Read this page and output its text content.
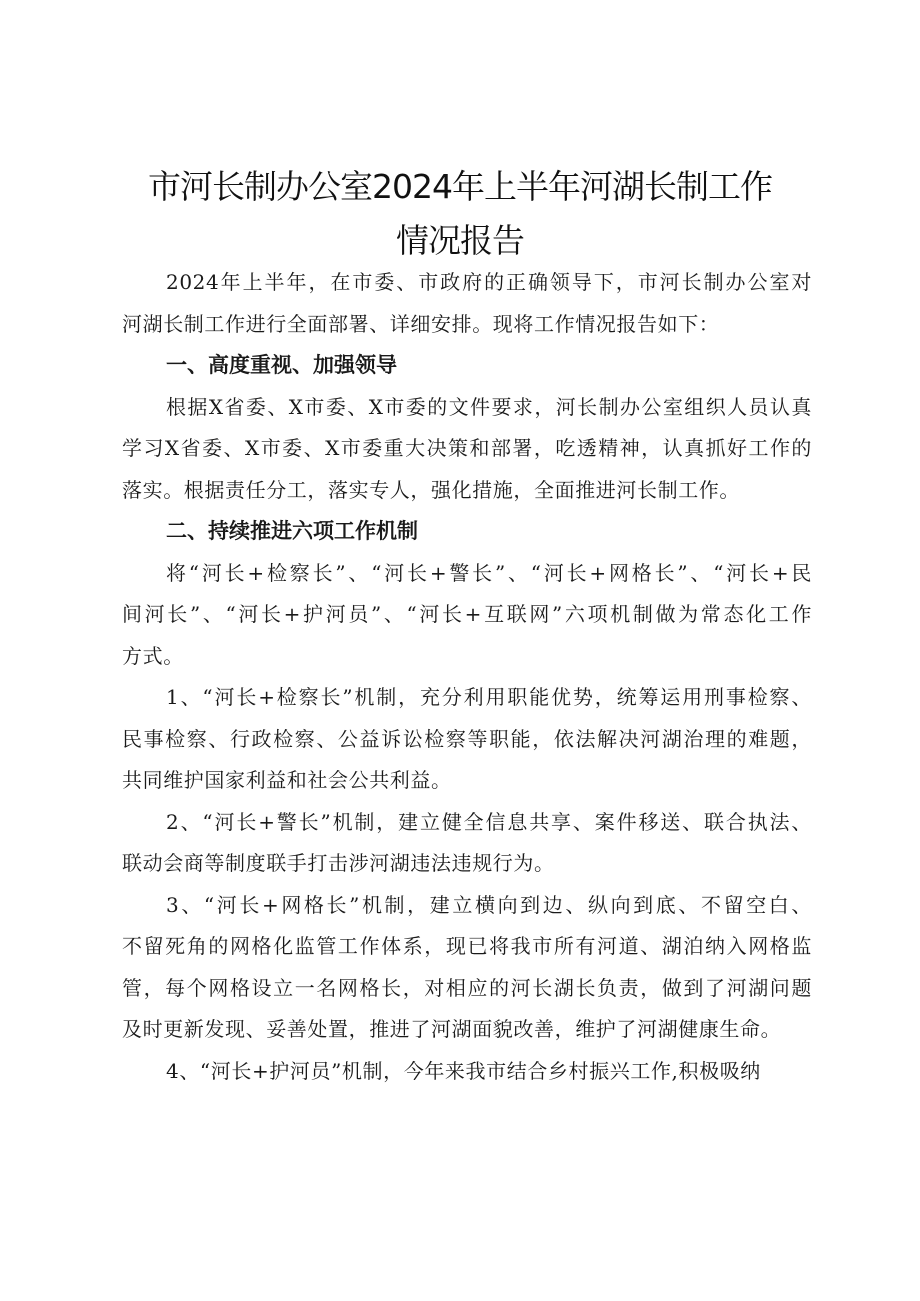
市河长制办公室2024年上半年河湖长制工作
情况报告

2024年上半年，在市委、市政府的正确领导下，市河长制办公室对

河湖长制工作进行全面部署、详细安排。现将工作情况报告如下：

一、高度重视、加强领导

根据X省委、X市委、X市委的文件要求，河长制办公室组织人员认真

学习X省委、X市委、X市委重大决策和部署，吃透精神，认真抓好工作的

落实。根据责任分工，落实专人，强化措施，全面推进河长制工作。

二、持续推进六项工作机制

将“河长+检察长”、“河长+警长”、“河长+网格长”、“河长+民

间河长”、“河长+护河员”、“河长+互联网”六项机制做为常态化工作

方式。

1、“河长+检察长”机制，充分利用职能优势，统筹运用刑事检察、

民事检察、行政检察、公益诉讼检察等职能，依法解决河湖治理的难题，

共同维护国家利益和社会公共利益。

2、“河长+警长”机制，建立健全信息共享、案件移送、联合执法、

联动会商等制度联手打击涉河湖违法违规行为。

3、“河长+网格长”机制，建立横向到边、纵向到底、不留空白、

不留死角的网格化监管工作体系，现已将我市所有河道、湖泊纳入网格监

管，每个网格设立一名网格长，对相应的河长湖长负责，做到了河湖问题

及时更新发现、妥善处置，推进了河湖面貌改善，维护了河湖健康生命。

4、“河长+护河员”机制，今年来我市结合乡村振兴工作,积极吸纳
